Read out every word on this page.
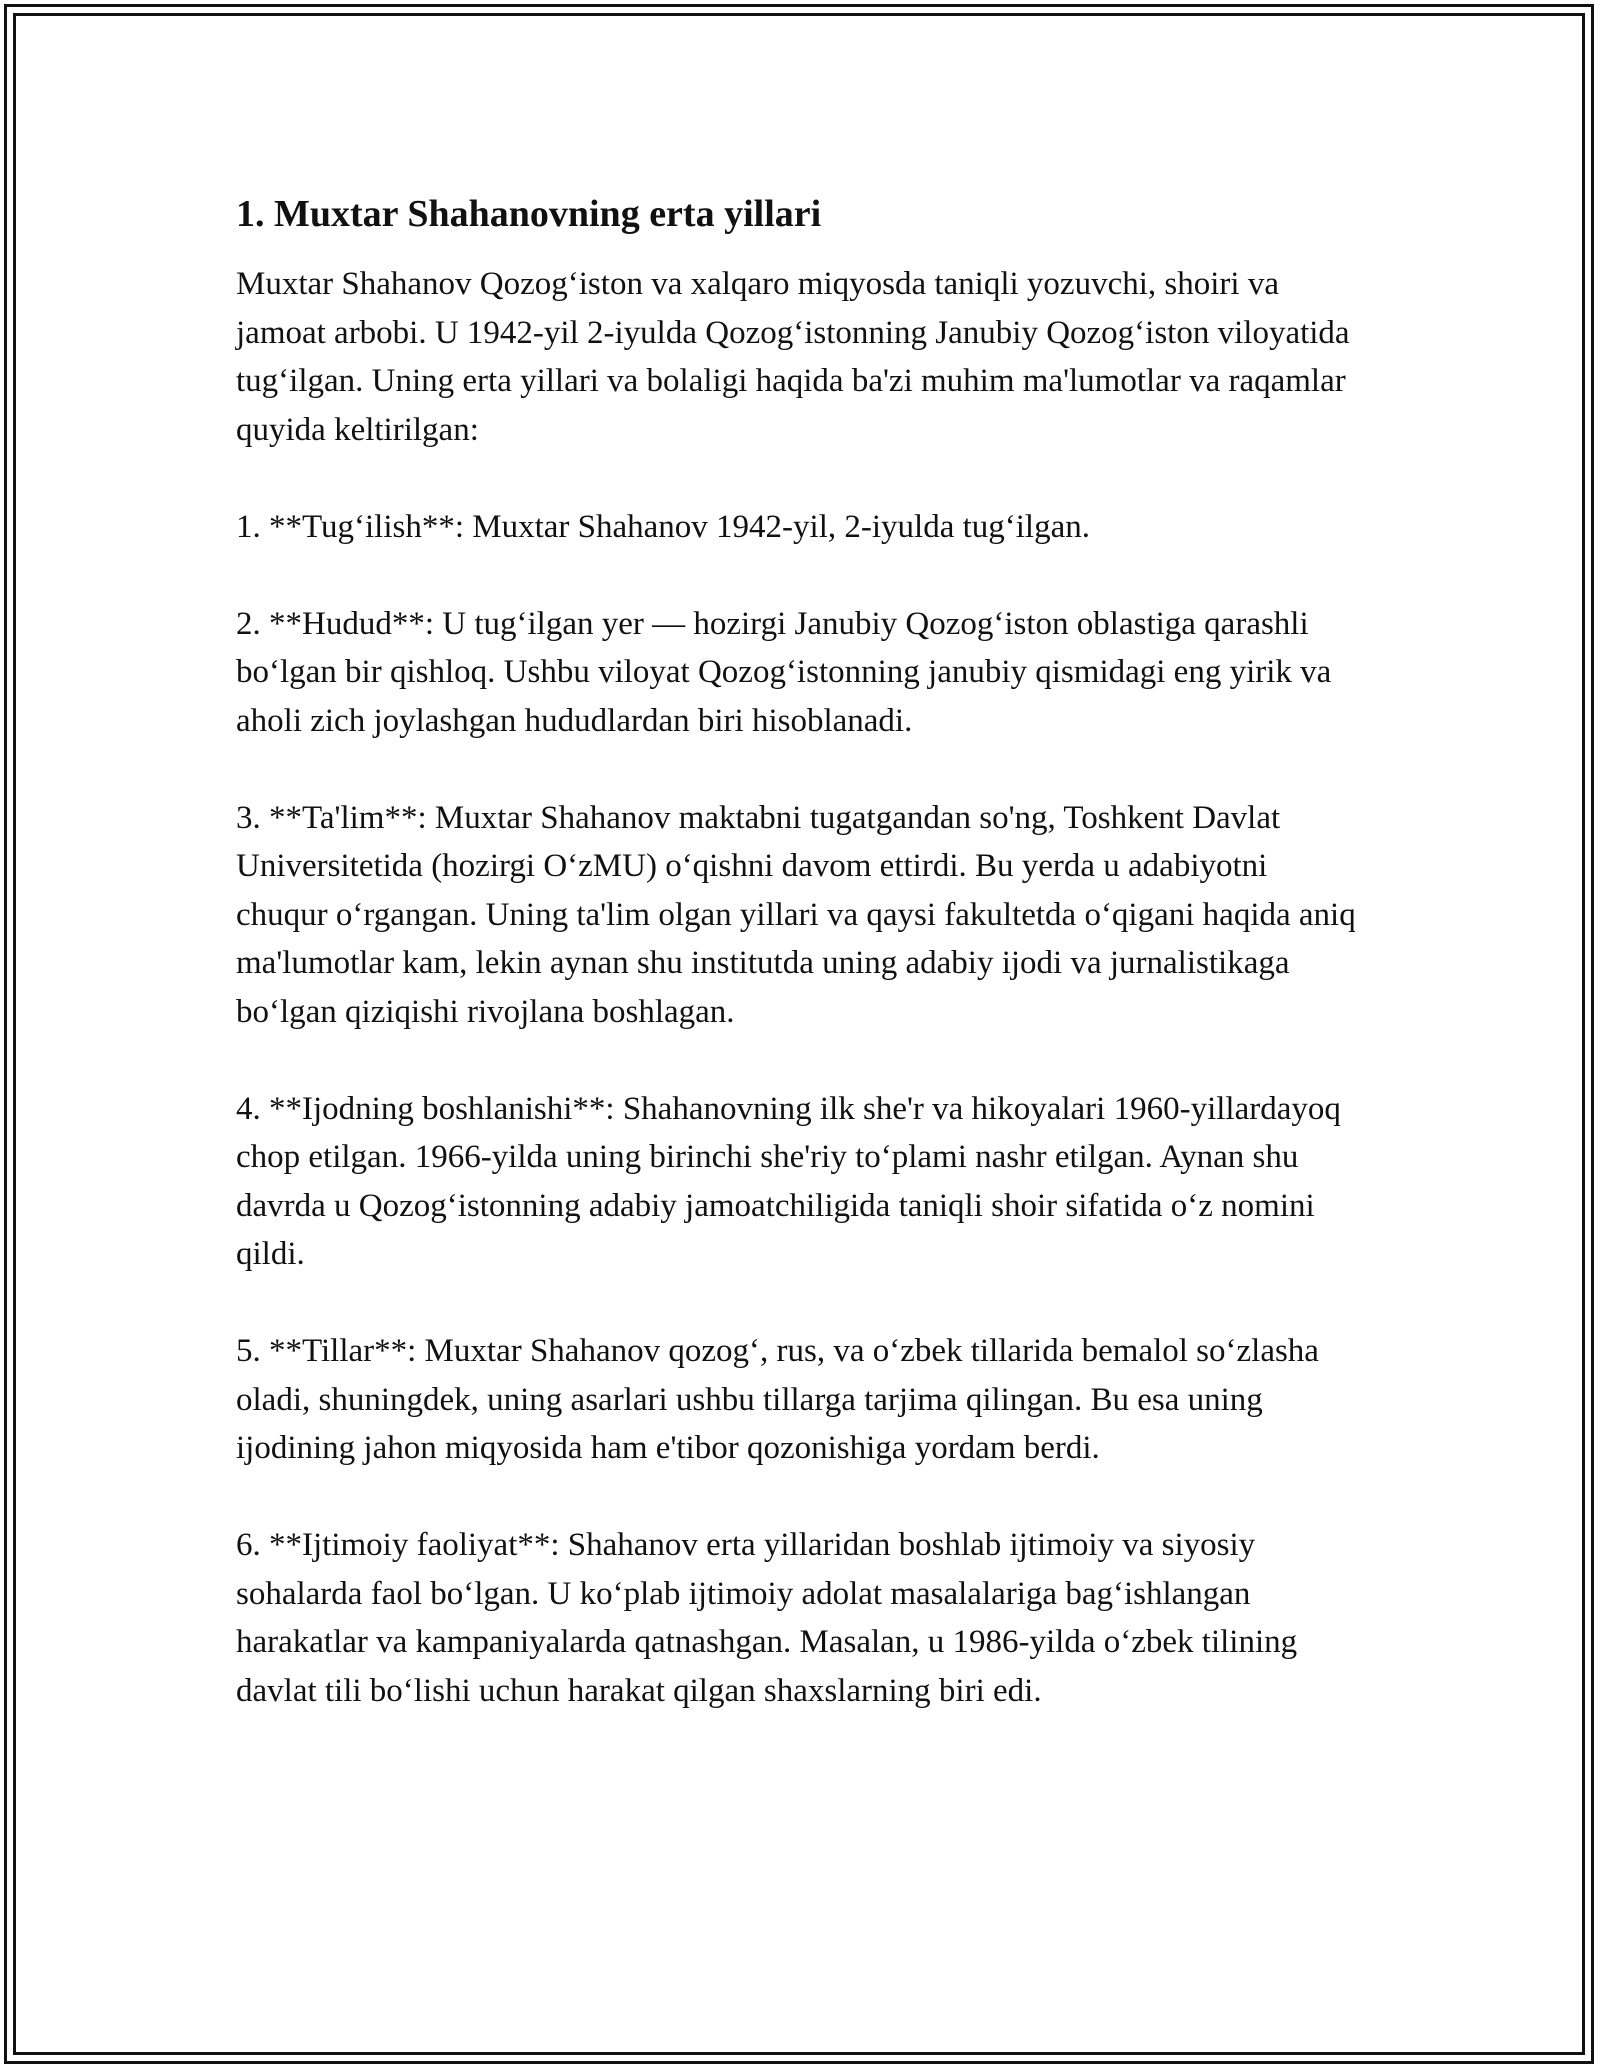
1. Muxtar Shahanovning erta yillari

Muxtar Shahanov Qozog‘iston va xalqaro miqyosda taniqli yozuvchi, shoiri va jamoat arbobi. U 1942-yil 2-iyulda Qozog‘istonning Janubiy Qozog‘iston viloyatida tug‘ilgan. Uning erta yillari va bolaligi haqida ba'zi muhim ma'lumotlar va raqamlar quyida keltirilgan:

1. **Tug‘ilish**: Muxtar Shahanov 1942-yil, 2-iyulda tug‘ilgan.

2. **Hudud**: U tug‘ilgan yer — hozirgi Janubiy Qozog‘iston oblastiga qarashli bo‘lgan bir qishloq. Ushbu viloyat Qozog‘istonning janubiy qismidagi eng yirik va aholi zich joylashgan hududlardan biri hisoblanadi.

3. **Ta'lim**: Muxtar Shahanov maktabni tugatgandan so'ng, Toshkent Davlat Universitetida (hozirgi O‘zMU) o‘qishni davom ettirdi. Bu yerda u adabiyotni chuqur o‘rgangan. Uning ta'lim olgan yillari va qaysi fakultetda o‘qigani haqida aniq ma'lumotlar kam, lekin aynan shu institutda uning adabiy ijodi va jurnalistikaga bo‘lgan qiziqishi rivojlana boshlagan.

4. **Ijodning boshlanishi**: Shahanovning ilk she'r va hikoyalari 1960-yillardayoq chop etilgan. 1966-yilda uning birinchi she'riy to‘plami nashr etilgan. Aynan shu davrda u Qozog‘istonning adabiy jamoatchiligida taniqli shoir sifatida o‘z nomini qildi.

5. **Tillar**: Muxtar Shahanov qozog‘, rus, va o‘zbek tillarida bemalol so‘zlasha oladi, shuningdek, uning asarlari ushbu tillarga tarjima qilingan. Bu esa uning ijodining jahon miqyosida ham e'tibor qozonishiga yordam berdi.

6. **Ijtimoiy faoliyat**: Shahanov erta yillaridan boshlab ijtimoiy va siyosiy sohalarda faol bo‘lgan. U ko‘plab ijtimoiy adolat masalalariga bag‘ishlangan harakatlar va kampaniyalarda qatnashgan. Masalan, u 1986-yilda o‘zbek tilining davlat tili bo‘lishi uchun harakat qilgan shaxslarning biri edi.
